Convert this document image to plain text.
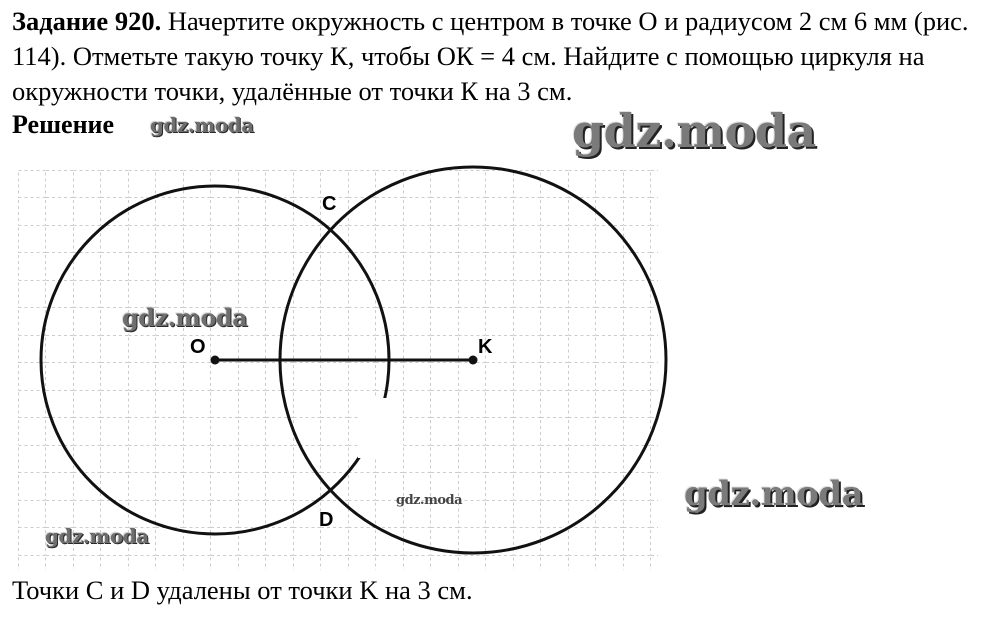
Задание 920. Начертите окружность с центром в точке О и радиусом 2 см 6 мм (рис. 114). Отметьте такую точку К, чтобы ОК = 4 см. Найдите с помощью циркуля на окружности точки, удалённые от точки К на 3 см.

Решение

C
O	K
D

Точки C и D удалены от точки K на 3 см.

gdz.moda	gdz.moda
gdz.moda
gdz.moda
gdz.moda
gdz.moda
